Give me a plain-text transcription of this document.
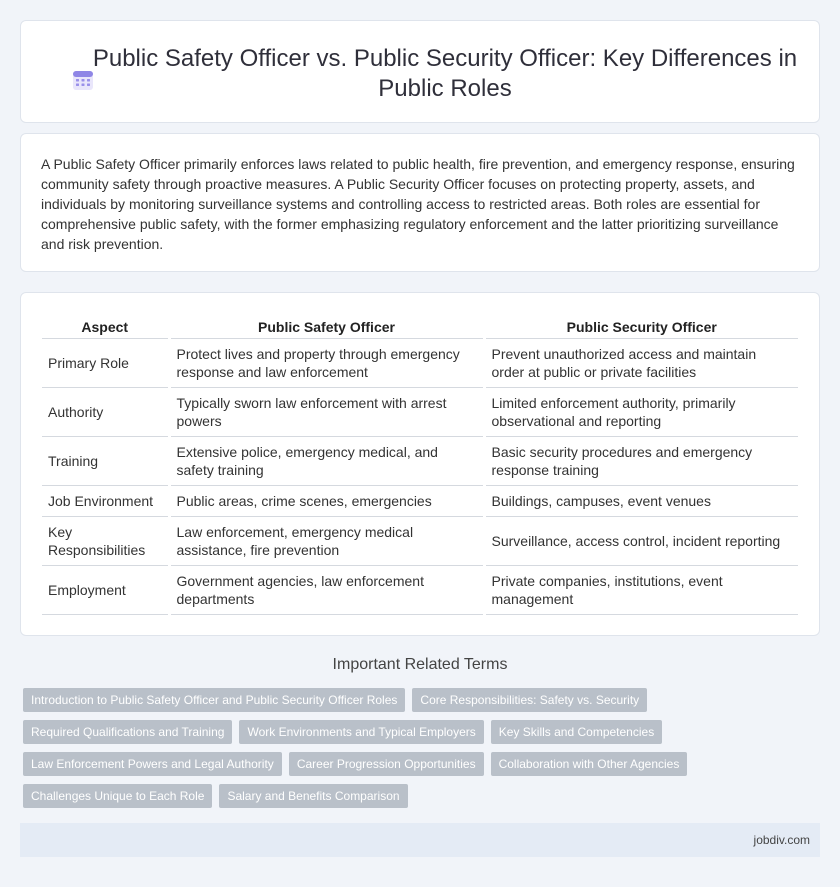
Public Safety Officer vs. Public Security Officer: Key Differences in Public Roles

A Public Safety Officer primarily enforces laws related to public health, fire prevention, and emergency response, ensuring community safety through proactive measures. A Public Security Officer focuses on protecting property, assets, and individuals by monitoring surveillance systems and controlling access to restricted areas. Both roles are essential for comprehensive public safety, with the former emphasizing regulatory enforcement and the latter prioritizing surveillance and risk prevention.

Aspect	Public Safety Officer	Public Security Officer
Primary Role	Protect lives and property through emergency response and law enforcement	Prevent unauthorized access and maintain order at public or private facilities
Authority	Typically sworn law enforcement with arrest powers	Limited enforcement authority, primarily observational and reporting
Training	Extensive police, emergency medical, and safety training	Basic security procedures and emergency response training
Job Environment	Public areas, crime scenes, emergencies	Buildings, campuses, event venues
Key Responsibilities	Law enforcement, emergency medical assistance, fire prevention	Surveillance, access control, incident reporting
Employment	Government agencies, law enforcement departments	Private companies, institutions, event management
Important Related Terms
Introduction to Public Safety Officer and Public Security Officer Roles	Core Responsibilities: Safety vs. Security
Required Qualifications and Training	Work Environments and Typical Employers	Key Skills and Competencies
Law Enforcement Powers and Legal Authority	Career Progression Opportunities	Collaboration with Other Agencies
Challenges Unique to Each Role	Salary and Benefits Comparison
jobdiv.com
